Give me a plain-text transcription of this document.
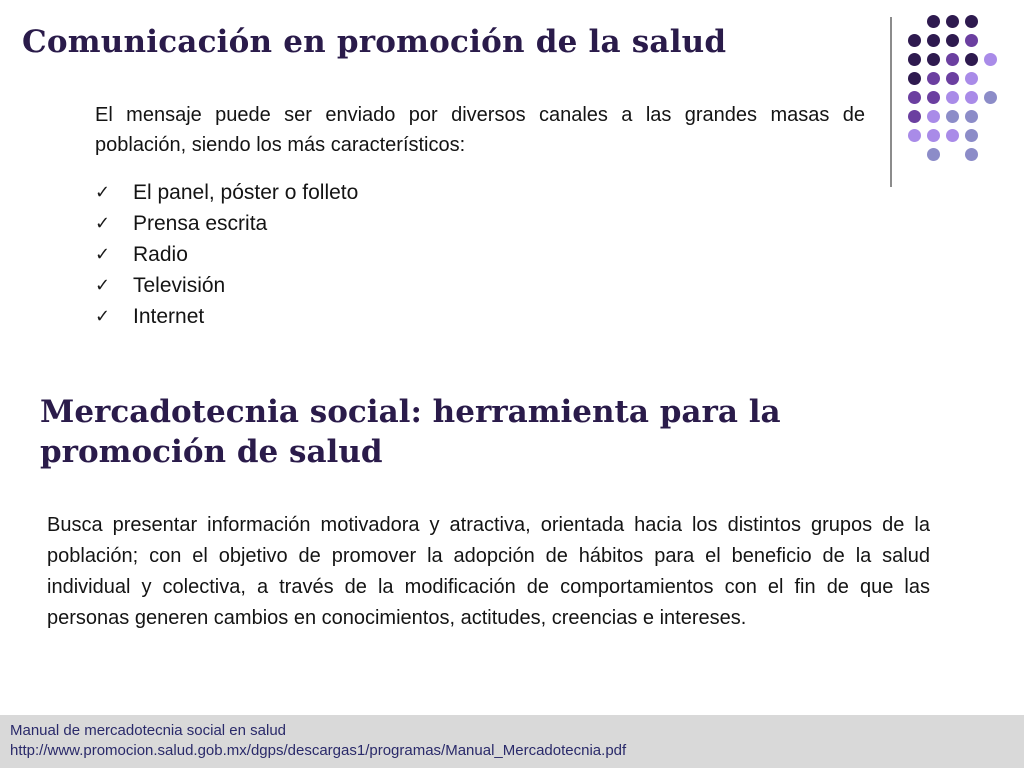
Comunicación en promoción de la salud
El mensaje puede ser enviado por diversos canales a las grandes masas de población, siendo los más característicos:
✓	El panel, póster o folleto
✓	Prensa escrita
✓	Radio
✓	Televisión
✓	Internet
Mercadotecnia social: herramienta para la promoción de salud
Busca presentar información motivadora y atractiva, orientada hacia los distintos grupos de la población; con el objetivo de promover la adopción de hábitos para el beneficio de la salud individual y colectiva, a través de la modificación de comportamientos con el fin de que las personas generen cambios en conocimientos, actitudes, creencias e intereses.
Manual de mercadotecnia social en salud
http://www.promocion.salud.gob.mx/dgps/descargas1/programas/Manual_Mercadotecnia.pdf
